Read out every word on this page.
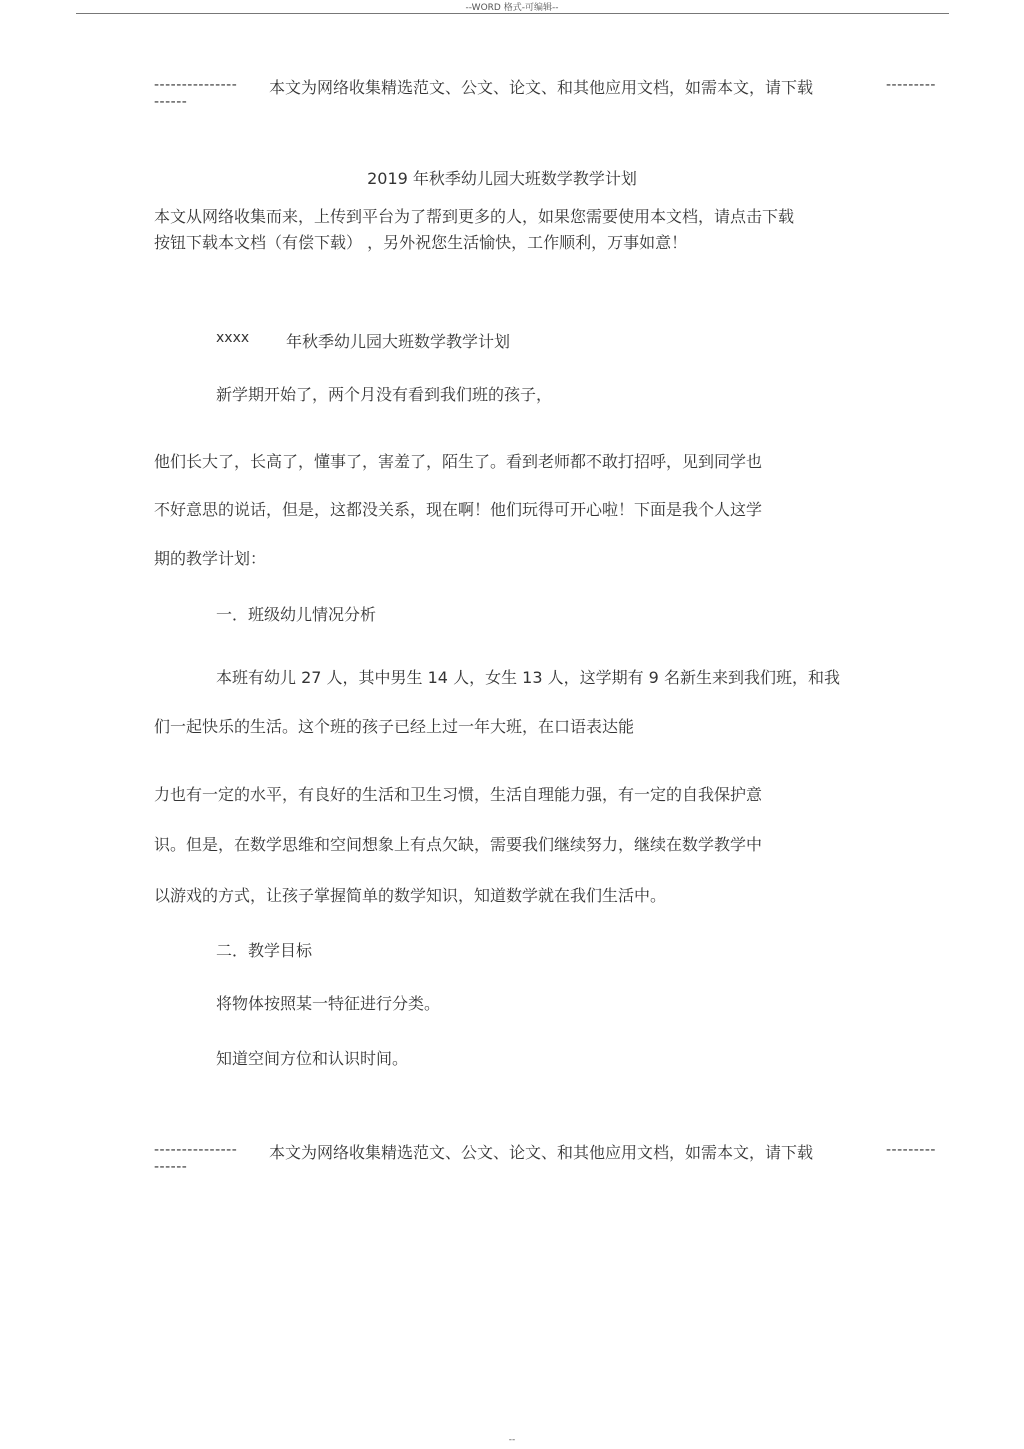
--WORD 格式-可编辑--
--------------- 本文为网络收集精选范文、公文、论文、和其他应用文档，如需本文，请下载	---------
------
2019 年秋季幼儿园大班数学教学计划
本文从网络收集而来，上传到平台为了帮到更多的人，如果您需要使用本文档，请点击下载
按钮下载本文档（有偿下载） ，另外祝您生活愉快，工作顺利，万事如意！
xxxx 年秋季幼儿园大班数学教学计划
新学期开始了，两个月没有看到我们班的孩子，
他们长大了，长高了，懂事了，害羞了，陌生了。看到老师都不敢打招呼，见到同学也
不好意思的说话，但是，这都没关系，现在啊！他们玩得可开心啦！下面是我个人这学
期的教学计划：
一．班级幼儿情况分析
本班有幼儿 27 人，其中男生 14 人，女生 13 人，这学期有 9 名新生来到我们班，和我
们一起快乐的生活。这个班的孩子已经上过一年大班，在口语表达能
力也有一定的水平，有良好的生活和卫生习惯，生活自理能力强，有一定的自我保护意
识。但是，在数学思维和空间想象上有点欠缺，需要我们继续努力，继续在数学教学中
以游戏的方式，让孩子掌握简单的数学知识，知道数学就在我们生活中。
二．教学目标
将物体按照某一特征进行分类。
知道空间方位和认识时间。
--------------- 本文为网络收集精选范文、公文、论文、和其他应用文档，如需本文，请下载	---------
------
--
